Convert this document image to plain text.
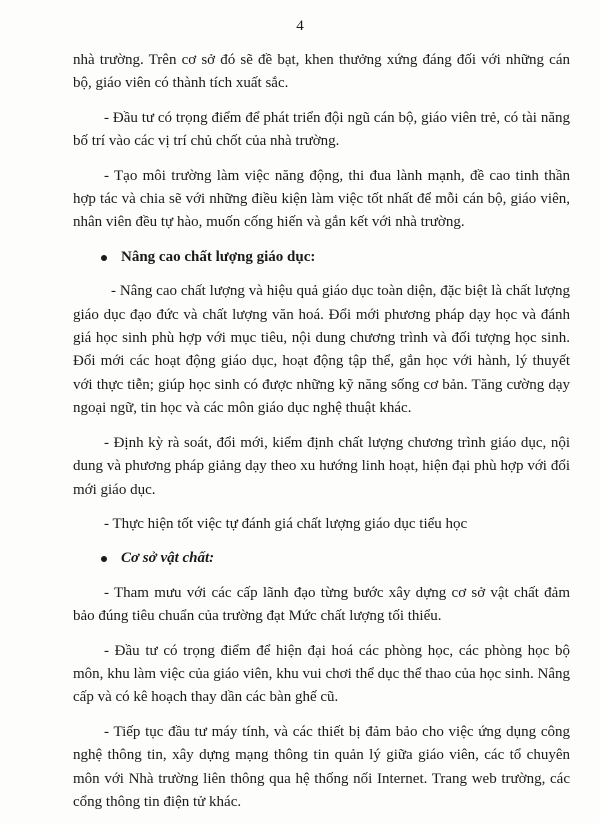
4

nhà trường. Trên cơ sở đó sẽ đề bạt, khen thưởng xứng đáng đối với những cán bộ, giáo viên có thành tích xuất sắc.

- Đầu tư có trọng điểm để phát triển đội ngũ cán bộ, giáo viên trẻ, có tài năng bố trí vào các vị trí chủ chốt của nhà trường.

- Tạo môi trường làm việc năng động, thi đua lành mạnh, đề cao tinh thần hợp tác và chia sẽ với những điều kiện làm việc tốt nhất để mỗi cán bộ, giáo viên, nhân viên đều tự hào, muốn cống hiến và gắn kết với nhà trường.

Nâng cao chất lượng giáo dục:

- Nâng cao chất lượng và hiệu quả giáo dục toàn diện, đặc biệt là chất lượng giáo dục đạo đức và chất lượng văn hoá. Đổi mới phương pháp dạy học và đánh giá học sinh phù hợp với mục tiêu, nội dung chương trình và đối tượng học sinh. Đổi mới các hoạt động giáo dục, hoạt động tập thể, gắn học với hành, lý thuyết với thực tiễn; giúp học sinh có được những kỹ năng sống cơ bản. Tăng cường dạy ngoại ngữ, tin học và các môn giáo dục nghệ thuật khác.

- Định kỳ rà soát, đổi mới, kiểm định chất lượng chương trình giáo dục, nội dung và phương pháp giảng dạy theo xu hướng linh hoạt, hiện đại phù hợp với đổi mới giáo dục.

- Thực hiện tốt việc tự đánh giá chất lượng giáo dục tiểu học

Cơ sở vật chất:

- Tham mưu với các cấp lãnh đạo từng bước xây dựng cơ sở vật chất đảm bảo đúng tiêu chuẩn của trường đạt Mức chất lượng tối thiểu.

- Đầu tư có trọng điểm để hiện đại hoá các phòng học, các phòng học bộ môn, khu làm việc của giáo viên, khu vui chơi thể dục thể thao của học sinh. Nâng cấp và có kê hoạch thay dần các bàn ghế cũ.

- Tiếp tục đầu tư máy tính, và các thiết bị đảm bảo cho việc ứng dụng công nghệ thông tin, xây dựng mạng thông tin quản lý giữa giáo viên, các tổ chuyên môn với Nhà trường liên thông qua hệ thống nối Internet. Trang web trường, các cổng thông tin điện tử khác.
